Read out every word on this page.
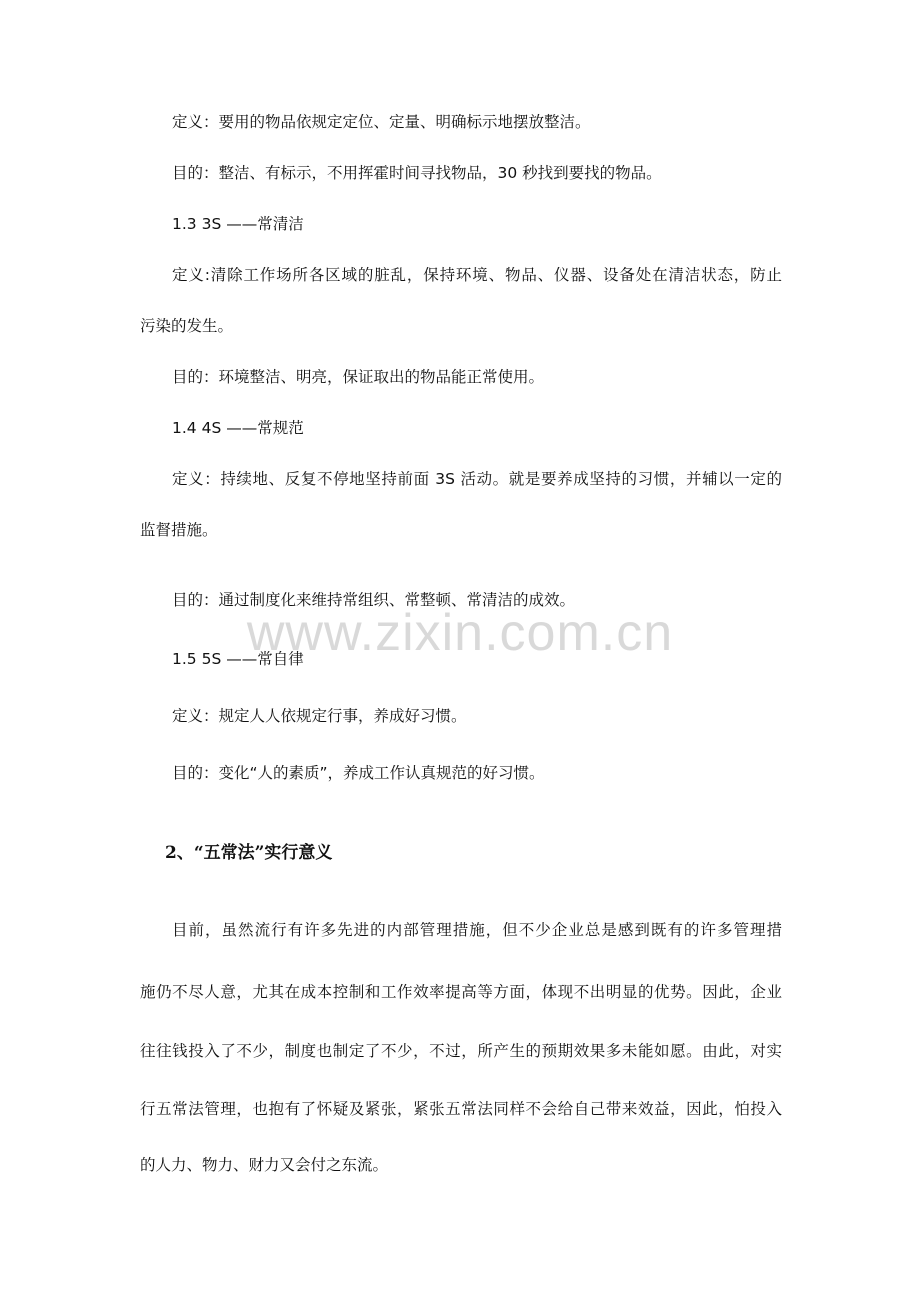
定义：要用的物品依规定定位、定量、明确标示地摆放整洁。
目的：整洁、有标示，不用挥霍时间寻找物品，30 秒找到要找的物品。
1.3 3S ——常清洁
定义:清除工作场所各区域的脏乱，保持环境、物品、仪器、设备处在清洁状态，防止
污染的发生。
目的：环境整洁、明亮，保证取出的物品能正常使用。
1.4 4S ——常规范
定义：持续地、反复不停地坚持前面 3S 活动。就是要养成坚持的习惯，并辅以一定的
监督措施。
目的：通过制度化来维持常组织、常整顿、常清洁的成效。
www.zixin.com.cn
1.5 5S ——常自律
定义：规定人人依规定行事，养成好习惯。
目的：变化“人的素质”，养成工作认真规范的好习惯。
2、“五常法”实行意义
目前，虽然流行有许多先进的内部管理措施，但不少企业总是感到既有的许多管理措
施仍不尽人意，尤其在成本控制和工作效率提高等方面，体现不出明显的优势。因此，企业
往往钱投入了不少，制度也制定了不少，不过，所产生的预期效果多未能如愿。由此，对实
行五常法管理，也抱有了怀疑及紧张，紧张五常法同样不会给自己带来效益，因此，怕投入
的人力、物力、财力又会付之东流。
